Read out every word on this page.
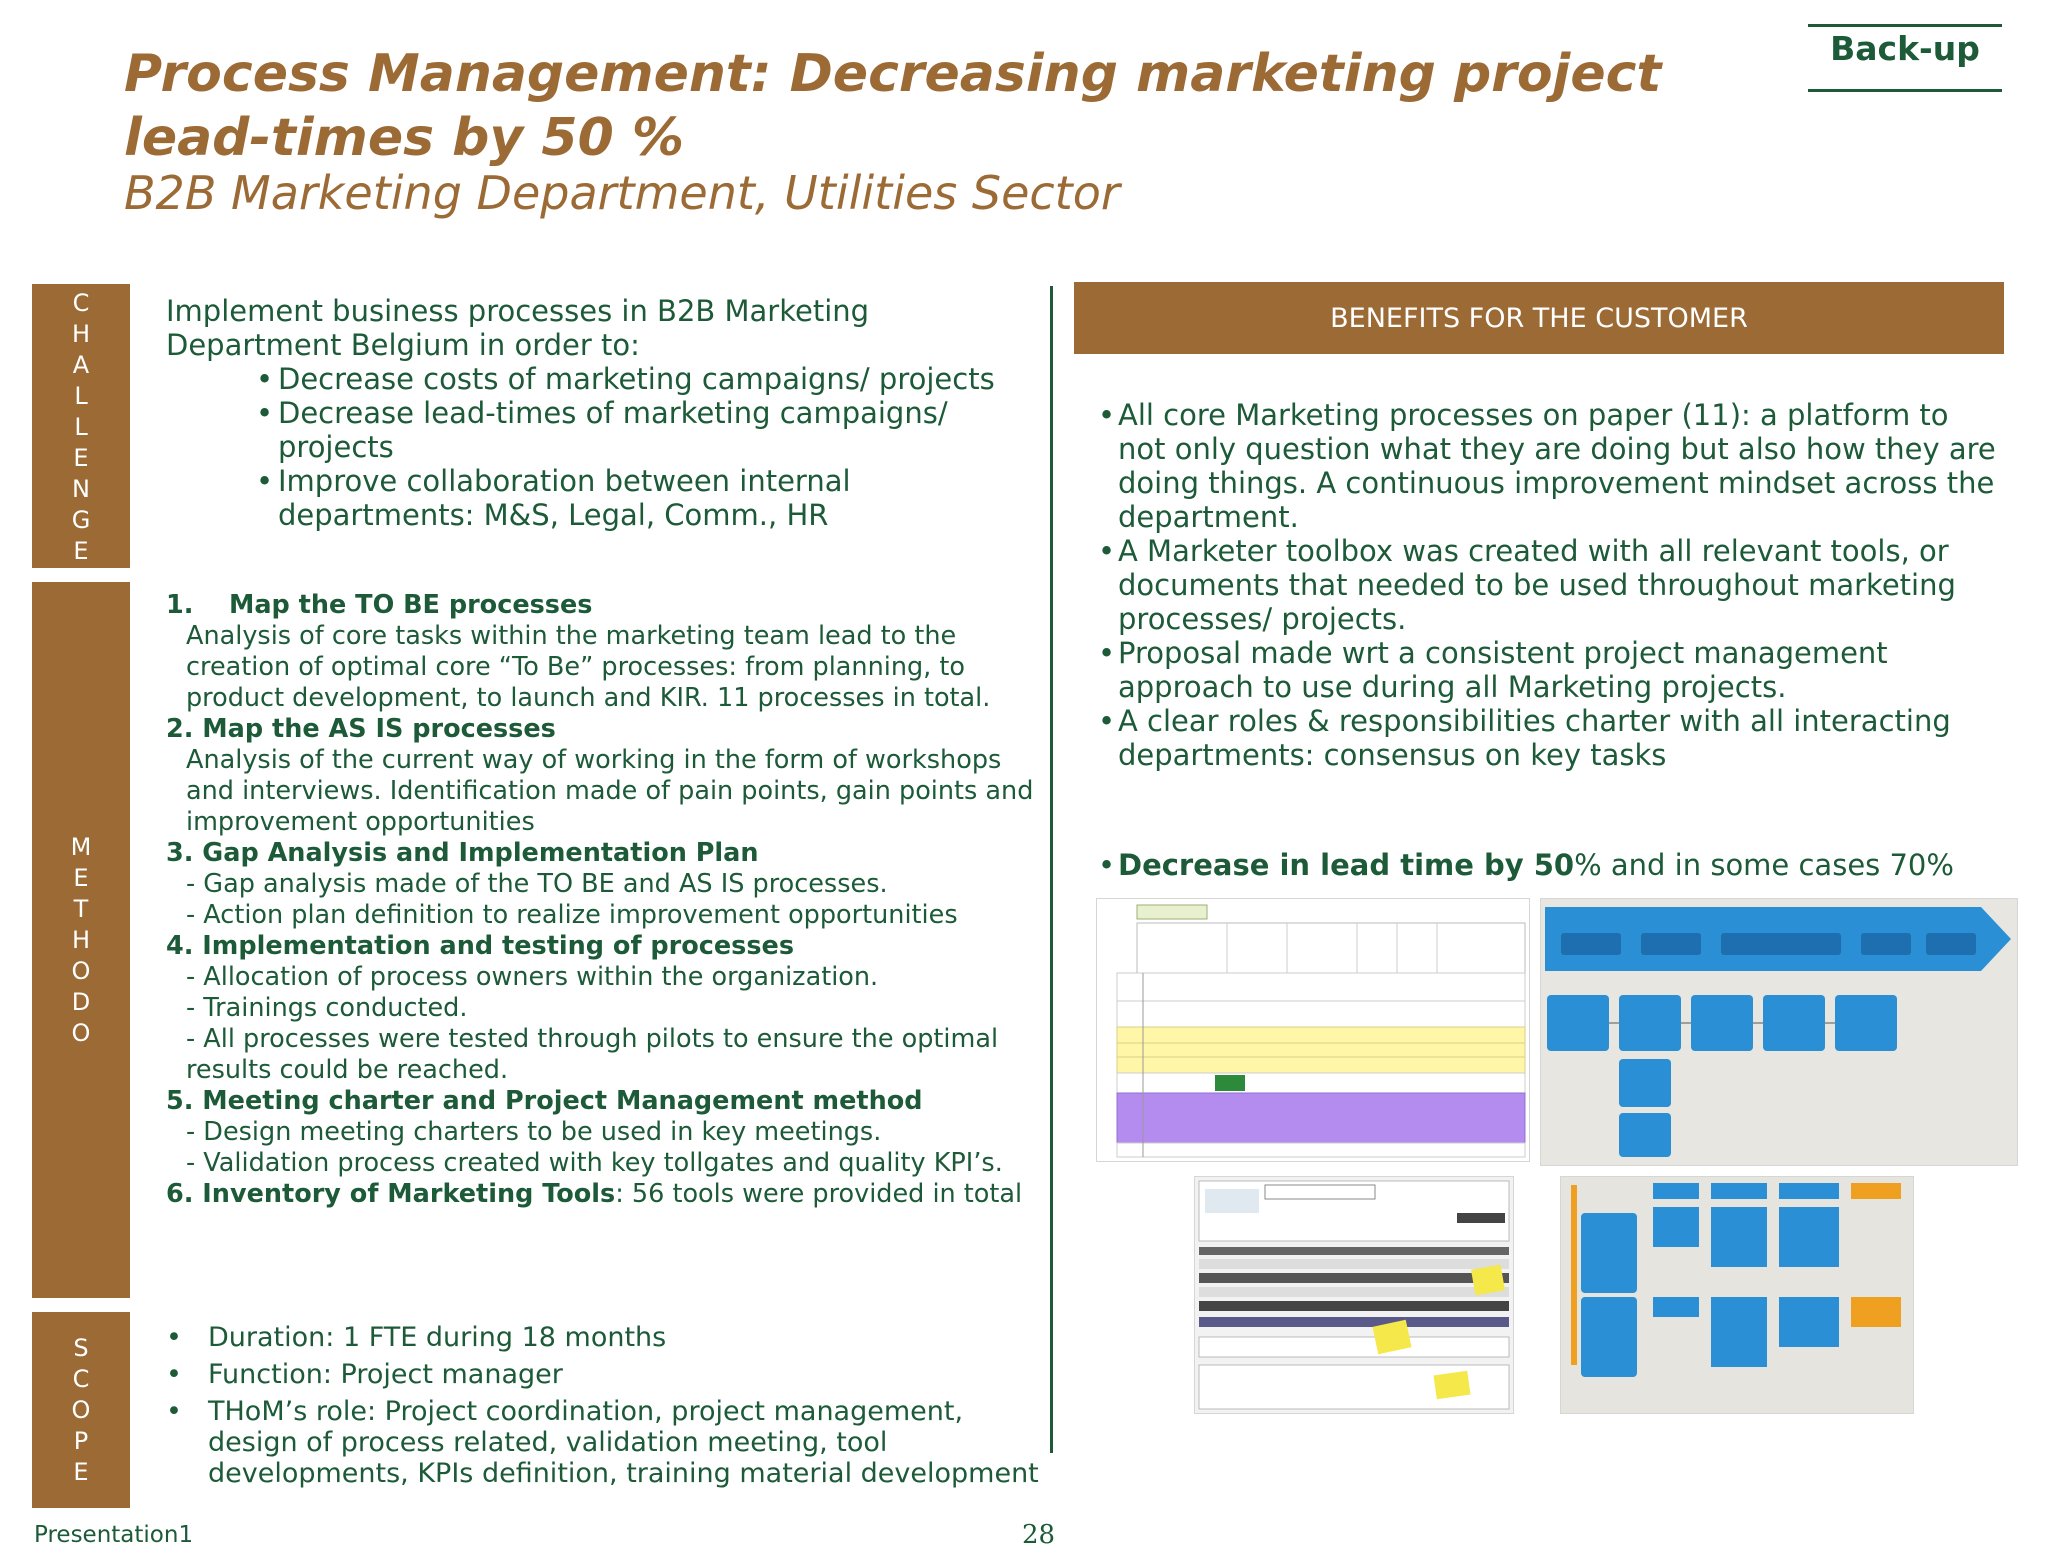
Process Management: Decreasing marketing project lead-times by 50 %
B2B Marketing Department, Utilities Sector
Back-up
C
H
A
L
L
E
N
G
E
M
E
T
H
O
D
O
S
C
O
P
E
Implement business processes in B2B Marketing Department Belgium in order to:
• Decrease costs of marketing campaigns/ projects
• Decrease lead-times of marketing campaigns/ projects
• Improve collaboration between internal departments: M&S, Legal, Comm., HR
1.    Map the TO BE processes
Analysis of core tasks within the marketing team lead to the creation of optimal core “To Be” processes: from planning, to product development, to launch and KIR. 11 processes in total.
2. Map the AS IS processes
Analysis of the current way of working in the form of workshops and interviews. Identification made of pain points, gain points and improvement opportunities
3. Gap Analysis and Implementation Plan
- Gap analysis made of the TO BE and AS IS processes.
- Action plan definition to realize improvement opportunities
4. Implementation and testing of processes
- Allocation of process owners within the organization.
- Trainings conducted.
- All processes were tested through pilots to ensure the optimal results could be reached.
5. Meeting charter and Project Management method
- Design meeting charters to be used in key meetings.
- Validation process created with key tollgates and quality KPI’s.
6. Inventory of Marketing Tools: 56 tools were provided in total
• Duration: 1 FTE during 18 months
• Function: Project manager
• THoM’s role: Project coordination, project management, design of process related, validation meeting, tool developments, KPIs definition, training material development
BENEFITS FOR THE CUSTOMER
• All core Marketing processes on paper (11): a platform to not only question what they are doing but also how they are doing things. A continuous improvement mindset across the department.
• A Marketer toolbox was created with all relevant tools, or documents that needed to be used throughout marketing processes/ projects.
• Proposal made wrt a consistent project management approach to use during all Marketing projects.
• A clear roles & responsibilities charter with all interacting departments: consensus on key tasks
• Decrease in lead time by 50% and in some cases 70%
Presentation1	28
